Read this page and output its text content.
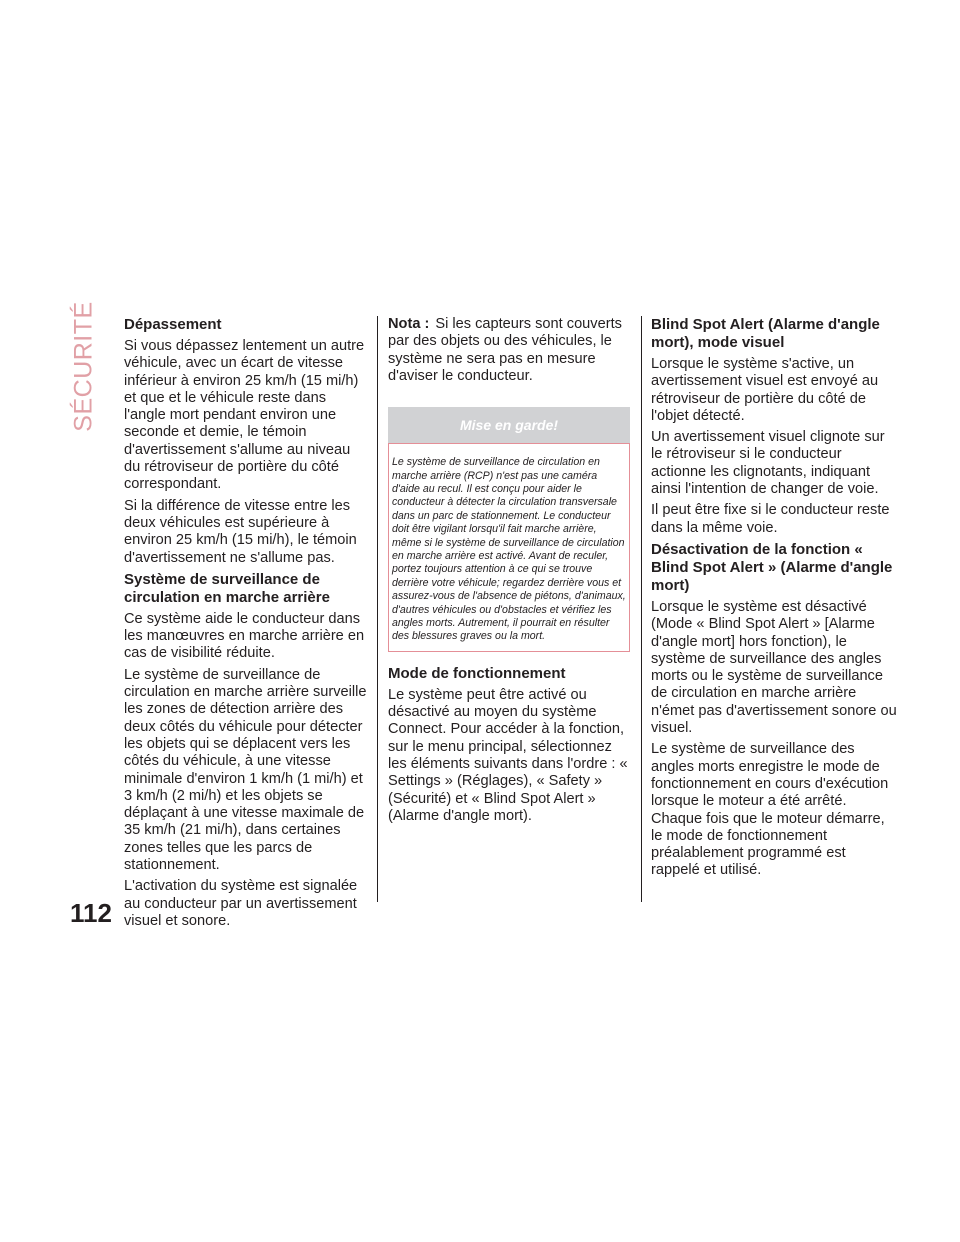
SÉCURITÉ Dépassement

Si vous dépassez lentement un autre véhicule, avec un écart de vitesse inférieur à environ 25 km/h (15 mi/h) et que et le véhicule reste dans l'angle mort pendant environ une seconde et demie, le témoin d'avertissement s'allume au niveau du rétroviseur de portière du côté correspondant.

Si la différence de vitesse entre les deux véhicules est supérieure à environ 25 km/h (15 mi/h), le témoin d'avertissement ne s'allume pas.

Système de surveillance de circulation en marche arrière

Ce système aide le conducteur dans les manœuvres en marche arrière en cas de visibilité réduite.

Le système de surveillance de circulation en marche arrière surveille les zones de détection arrière des deux côtés du véhicule pour détecter les objets qui se déplacent vers les côtés du véhicule, à une vitesse minimale d'environ 1 km/h (1 mi/h) et 3 km/h (2 mi/h) et les objets se déplaçant à une vitesse maximale de 35 km/h (21 mi/h), dans certaines zones telles que les parcs de stationnement.

L'activation du système est signalée au conducteur par un avertissement visuel et sonore.

Nota : Si les capteurs sont couverts par des objets ou des véhicules, le système ne sera pas en mesure d'aviser le conducteur.

Mise en garde!

Le système de surveillance de circulation en marche arrière (RCP) n'est pas une caméra d'aide au recul. Il est conçu pour aider le conducteur à détecter la circulation transversale dans un parc de stationnement. Le conducteur doit être vigilant lorsqu'il fait marche arrière, même si le système de surveillance de circulation en marche arrière est activé. Avant de reculer, portez toujours attention à ce qui se trouve derrière votre véhicule; regardez derrière vous et assurez-vous de l'absence de piétons, d'animaux, d'autres véhicules ou d'obstacles et vérifiez les angles morts. Autrement, il pourrait en résulter des blessures graves ou la mort.

Mode de fonctionnement

Le système peut être activé ou désactivé au moyen du système Connect. Pour accéder à la fonction, sur le menu principal, sélectionnez les éléments suivants dans l'ordre : « Settings » (Réglages), « Safety » (Sécurité) et « Blind Spot Alert » (Alarme d'angle mort).

Blind Spot Alert (Alarme d'angle mort), mode visuel

Lorsque le système s'active, un avertissement visuel est envoyé au rétroviseur de portière du côté de l'objet détecté.

Un avertissement visuel clignote sur le rétroviseur si le conducteur actionne les clignotants, indiquant ainsi l'intention de changer de voie.

Il peut être fixe si le conducteur reste dans la même voie.

Désactivation de la fonction « Blind Spot Alert » (Alarme d'angle mort)

Lorsque le système est désactivé (Mode « Blind Spot Alert » [Alarme d'angle mort] hors fonction), le système de surveillance des angles morts ou le système de surveillance de circulation en marche arrière n'émet pas d'avertissement sonore ou visuel.

Le système de surveillance des angles morts enregistre le mode de fonctionnement en cours d'exécution lorsque le moteur a été arrêté. Chaque fois que le moteur démarre, le mode de fonctionnement préalablement programmé est rappelé et utilisé.

112
